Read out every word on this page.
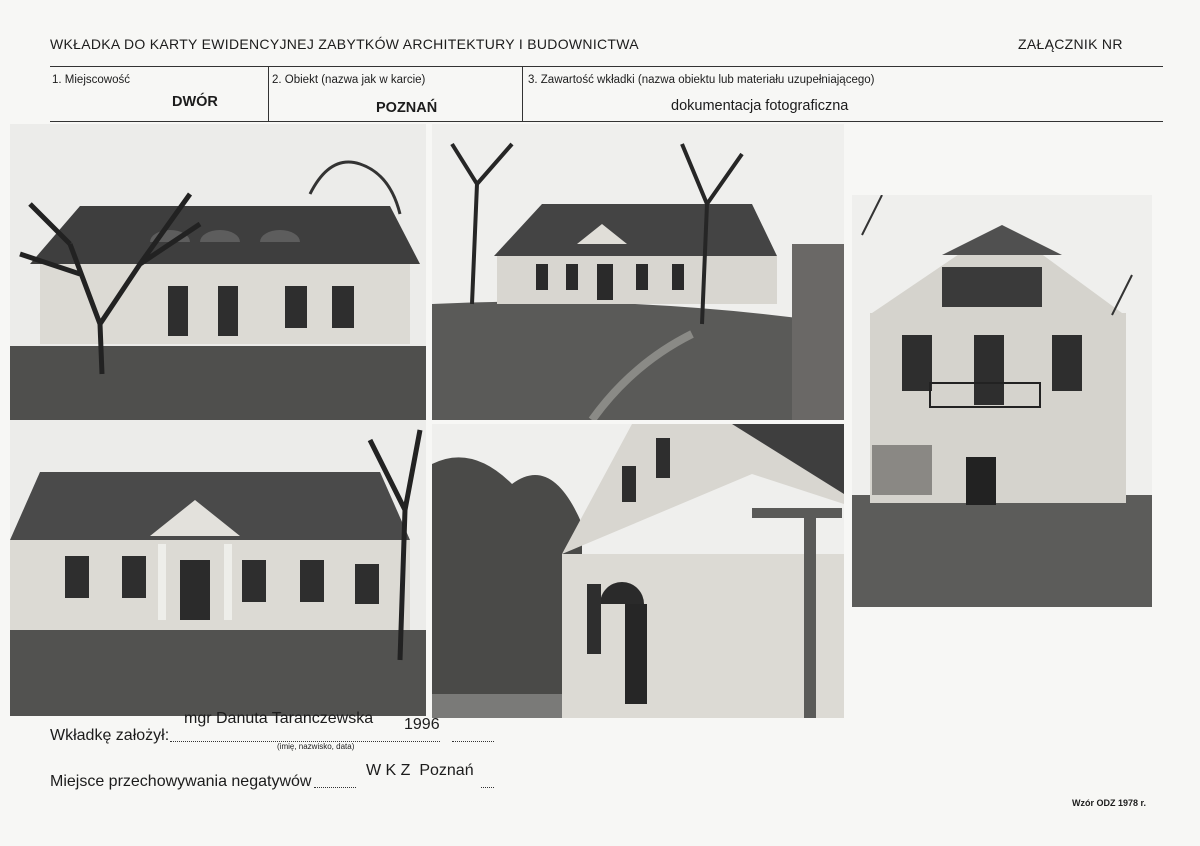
WKŁADKA DO KARTY EWIDENCYJNEJ ZABYTKÓW ARCHITEKTURY I BUDOWNICTWA	ZAŁĄCZNIK NR
1. Miejscowość
DWÓR
2. Obiekt (nazwa jak w karcie)
POZNAŃ
3. Zawartość wkładki (nazwa obiektu lub materiału uzupełniającego)
dokumentacja fotograficzna
Wkładkę założył:
mgr Danuta Taranczewska 1996
(imię, nazwisko, data)
Miejsce przechowywania negatywów
W K Z  Poznań
Wzór ODZ 1978 r.
